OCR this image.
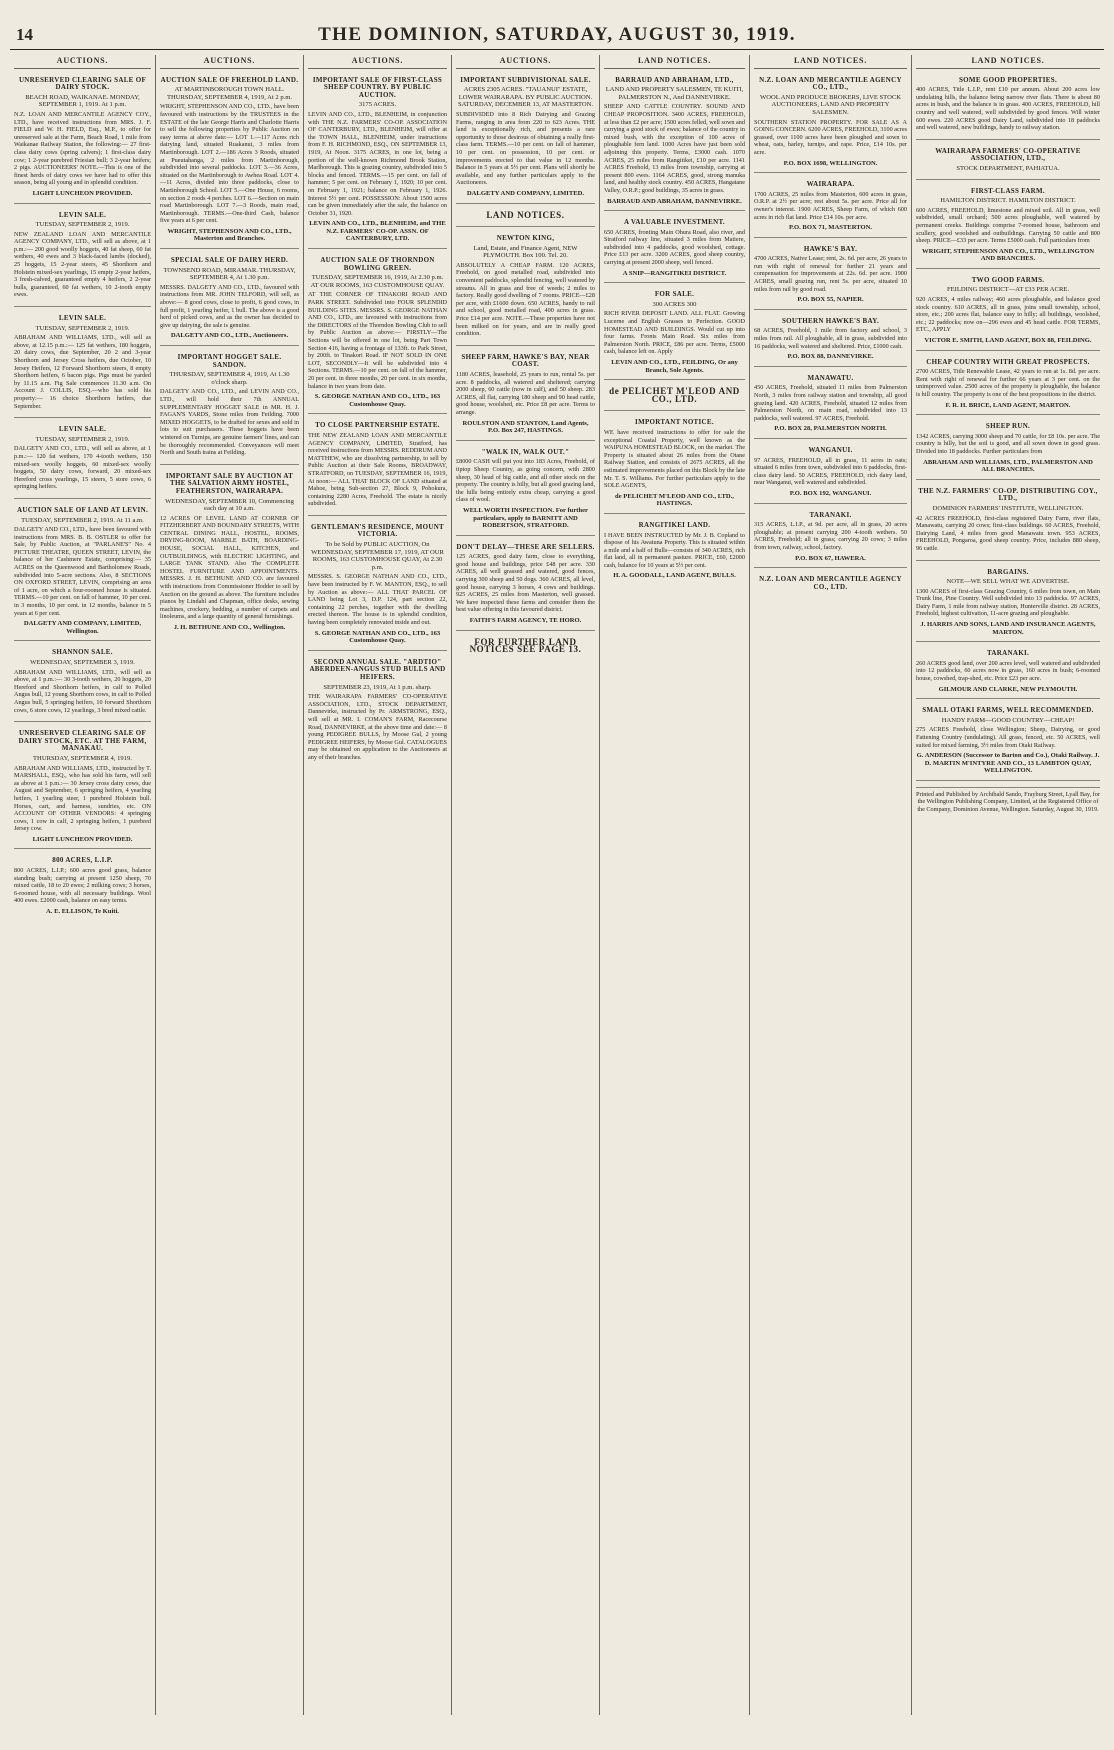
14	THE DOMINION, SATURDAY, AUGUST 30, 1919.
AUCTIONS.
UNRESERVED CLEARING SALE OF DAIRY STOCK.
BEACH ROAD, WAIKANAE. MONDAY, SEPTEMBER 1, 1919. At 1 p.m.
N.Z. LOAN AND MERCANTILE AGENCY COY., LTD., have received instructions from MRS. J. F. FIELD and W. H. FIELD, Esq., M.P., to offer for unreserved sale at the Farm, Beach Road, 1 mile from Waikanae Railway Station, the following:— 27 first-class dairy cows (spring calvers); 1 first-class dairy cow; 1 2-year purebred Friesian bull; 3 2-year heifers; 2 pigs. AUCTIONEERS' NOTE.—This is one of the finest herds of dairy cows we have had to offer this season, being all young and in splendid condition.
LIGHT LUNCHEON PROVIDED.
LEVIN SALE.
TUESDAY, SEPTEMBER 2, 1919.
NEW ZEALAND LOAN AND MERCANTILE AGENCY COMPANY, LTD., will sell as above, at 1 p.m.:— 200 good woolly hoggets, 40 fat sheep, 60 fat wethers, 40 ewes and 3 black-faced lambs (docked), 25 hoggets, 15 2-year steers, 45 Shorthorn and Holstein mixed-sex yearlings, 15 empty 2-year heifers, 3 fresh-calved, guaranteed empty 4 heifers, 2 2-year bulls, guaranteed, 60 fat wethers, 10 2-tooth empty ewes.
LEVIN SALE.
TUESDAY, SEPTEMBER 2, 1919.
ABRAHAM AND WILLIAMS, LTD., will sell as above, at 12.15 p.m.:— 125 fat wethers, 180 hoggets, 20 dairy cows, due September, 20 2 and 3-year Shorthorn and Jersey Cross heifers, due October, 10 Jersey Heifers, 12 Forward Shorthorn steers, 8 empty Shorthorn heifers, 6 bacon pigs. Pigs must be yarded by 11.15 a.m. Fig Sale commences 11.30 a.m. On Account J. COLLIS, ESQ.—who has sold his property:— 16 choice Shorthorn heifers, due September.
LEVIN SALE.
TUESDAY, SEPTEMBER 2, 1919.
DALGETY AND CO., LTD., will sell as above, at 1 p.m.:— 120 fat wethers, 170 4-tooth wethers, 150 mixed-sex woolly hoggets, 60 mixed-sex woolly hoggets, 50 dairy cows, forward, 20 mixed-sex Hereford cross yearlings, 15 steers, 5 store cows, 6 springing heifers.
AUCTION SALE OF LAND AT LEVIN.
TUESDAY, SEPTEMBER 2, 1919. At 11 a.m.
DALGETY AND CO., LTD., have been favoured with instructions from MRS. B. B. OSTLER to offer for Sale, by Public Auction, at "PARLANE'S" No. 4 PICTURE THEATRE, QUEEN STREET, LEVIN, the balance of her Cashmere Estate, comprising:— 35 ACRES on the Queenwood and Bartholomew Roads, subdivided into 5-acre sections. Also, 8 SECTIONS ON OXFORD STREET, LEVIN, comprising an area of 1 acre, on which a four-roomed house is situated. TERMS.—10 per cent. on fall of hammer, 10 per cent. in 3 months, 10 per cent. in 12 months, balance in 5 years at 6 per cent.
DALGETY AND COMPANY, LIMITED, Wellington.
SHANNON SALE.
WEDNESDAY, SEPTEMBER 3, 1919.
ABRAHAM AND WILLIAMS, LTD., will sell as above, at 1 p.m.:— 30 3-tooth wethers, 20 hoggets, 20 Hereford and Shorthorn heifers, in calf to Polled Angus bull, 12 young Shorthorn cows, in calf to Polled Angus bull, 5 springing heifers, 10 forward Shorthorn cows, 6 store cows, 12 yearlings, 3 bred mixed cattle.
UNRESERVED CLEARING SALE OF DAIRY STOCK, ETC. AT THE FARM, MANAKAU.
THURSDAY, SEPTEMBER 4, 1919.
ABRAHAM AND WILLIAMS, LTD., instructed by T. MARSHALL, ESQ., who has sold his farm, will sell as above at 1 p.m.:— 30 Jersey cross dairy cows, due August and September, 6 springing heifers, 4 yearling heifers, 1 yearling steer, 1 purebred Holstein bull. Horses, cart, and harness, sundries, etc. ON ACCOUNT OF OTHER VENDORS: 4 springing cows, 1 cow in calf, 2 springing heifers, 1 purebred Jersey cow.
LIGHT LUNCHEON PROVIDED.
800 ACRES, L.I.P.
800 ACRES, L.I.P.; 600 acres good grass, balance standing bush; carrying at present 1250 sheep, 70 mixed cattle, 18 to 20 ewes; 2 milking cows; 3 horses, 6-roomed house, with all necessary buildings. Wool 400 ewes. £2000 cash, balance on easy terms.
A. E. ELLISON, Te Kuiti.
AUCTIONS.
AUCTION SALE OF FREEHOLD LAND.
AT MARTINBOROUGH TOWN HALL. THURSDAY, SEPTEMBER 4, 1919, At 2 p.m.
WRIGHT, STEPHENSON AND CO., LTD., have been favoured with instructions by the TRUSTEES in the ESTATE of the late George Harris and Charlotte Harris to sell the following properties by Public Auction on easy terms at above date:— LOT 1.—117 Acres rich dairying land, situated Ruakanui, 3 miles from Martinborough. LOT 2.—186 Acres 3 Roods, situated at Pueutahanga, 2 miles from Martinborough, subdivided into several paddocks. LOT 3.—36 Acres, situated on the Martinborough to Awhea Road. LOT 4.—11 Acres, divided into three paddocks, close to Martinborough School. LOT 5.—One House, 6 rooms, on section 2 roods 4 perches. LOT 6.—Section on main road Martinborough. LOT 7.—3 Roods, main road, Martinborough. TERMS.—One-third Cash, balance five years at 6 per cent.
WRIGHT, STEPHENSON AND CO., LTD., Masterton and Branches.
SPECIAL SALE OF DAIRY HERD.
TOWNSEND ROAD, MIRAMAR. THURSDAY, SEPTEMBER 4, At 1.30 p.m.
MESSRS. DALGETY AND CO., LTD., favoured with instructions from MR. JOHN TELFORD, will sell, as above:— 8 good cows, close to profit, 6 good cows, in full profit, 1 yearling heifer, 1 bull. The above is a good herd of picked cows, and as the owner has decided to give up dairying, the sale is genuine.
DALGETY AND CO., LTD., Auctioneers.
IMPORTANT HOGGET SALE. SANDON.
THURSDAY, SEPTEMBER 4, 1919, At 1.30 o'clock sharp.
DALGETY AND CO., LTD., and LEVIN AND CO., LTD., will hold their 7th ANNUAL SUPPLEMENTARY HOGGET SALE in MR. H. J. FAGAN'S YARDS, Stone miles from Feilding. 7000 MIXED HOGGETS, to be drafted for sexes and sold in lots to suit purchasers. These hoggets have been wintered on Turnips, are genuine farmers' lines, and can be thoroughly recommended. Conveyances will meet North and South trains at Feilding.
IMPORTANT SALE BY AUCTION AT THE SALVATION ARMY HOSTEL, FEATHERSTON, WAIRARAPA.
WEDNESDAY, SEPTEMBER 10, Commencing each day at 10 a.m.
12 ACRES OF LEVEL LAND AT CORNER OF FITZHERBERT AND BOUNDARY STREETS, WITH CENTRAL DINING HALL, HOSTEL, ROOMS, DRYING-ROOM, MARBLE BATH, BOARDING-HOUSE, SOCIAL HALL, KITCHEN, and OUTBUILDINGS, with ELECTRIC LIGHTING, and LARGE TANK STAND. Also The COMPLETE HOSTEL FURNITURE AND APPOINTMENTS. MESSRS. J. H. BETHUNE AND CO. are favoured with instructions from Commissioner Hodder to sell by Auction on the ground as above. The furniture includes pianos by Lindahl and Chapman, office desks, sewing machines, crockery, bedding, a number of carpets and linoleums, and a large quantity of general furnishings.
J. H. BETHUNE AND CO., Wellington.
AUCTIONS.
IMPORTANT SALE OF FIRST-CLASS SHEEP COUNTRY. BY PUBLIC AUCTION.
3175 ACRES.
LEVIN AND CO., LTD., BLENHEIM, in conjunction with THE N.Z. FARMERS' CO-OP. ASSOCIATION OF CANTERBURY, LTD., BLENHEIM, will offer at the TOWN HALL, BLENHEIM, under instructions from F. H. RICHMOND, ESQ., ON SEPTEMBER 13, 1919, At Noon. 3175 ACRES, in one lot, being a portion of the well-known Richmond Brook Station, Marlborough. This is grazing country, subdivided into 5 blocks and fenced. TERMS.—15 per cent. on fall of hammer; 5 per cent. on February 1, 1920; 10 per cent. on February 1, 1921; balance on February 1, 1926. Interest 5½ per cent. POSSESSION: About 1500 acres can be given immediately after the sale, the balance on October 31, 1920.
LEVIN AND CO., LTD., BLENHEIM, and THE N.Z. FARMERS' CO-OP. ASSN. OF CANTERBURY, LTD.
AUCTION SALE OF THORNDON BOWLING GREEN.
TUESDAY, SEPTEMBER 16, 1919, At 2.30 p.m. AT OUR ROOMS, 163 CUSTOMHOUSE QUAY.
AT THE CORNER OF TINAKORI ROAD AND PARK STREET. Subdivided into FOUR SPLENDID BUILDING SITES. MESSRS. S. GEORGE NATHAN AND CO., LTD., are favoured with instructions from the DIRECTORS of the Thorndon Bowling Club to sell by Public Auction as above:— FIRSTLY—The Sections will be offered in one lot, being Part Town Section 416, having a frontage of 133ft. to Park Street, by 200ft. to Tinakori Road. IF NOT SOLD IN ONE LOT, SECONDLY—It will be subdivided into 4 Sections. TERMS.—10 per cent. on fall of the hammer, 20 per cent. in three months, 20 per cent. in six months, balance in two years from date.
S. GEORGE NATHAN AND CO., LTD., 163 Customhouse Quay.
TO CLOSE PARTNERSHIP ESTATE.
THE NEW ZEALAND LOAN AND MERCANTILE AGENCY COMPANY, LIMITED, Stratford, has received instructions from MESSRS. REDDRUM AND MATTHEW, who are dissolving partnership, to sell by Public Auction at their Sale Rooms, BROADWAY, STRATFORD, on TUESDAY, SEPTEMBER 16, 1919, At noon:— ALL THAT BLOCK OF LAND situated at Mahoe, being Sub-section 27, Block 9, Pohokura, containing 2280 Acres, Freehold. The estate is nicely subdivided.
GENTLEMAN'S RESIDENCE, MOUNT VICTORIA.
To be Sold by PUBLIC AUCTION, On WEDNESDAY, SEPTEMBER 17, 1919, AT OUR ROOMS, 163 CUSTOMHOUSE QUAY, At 2.30 p.m.
MESSRS. S. GEORGE NATHAN AND CO., LTD., have been instructed by F. W. MANTON, ESQ., to sell by Auction as above:— ALL THAT PARCEL OF LAND being Lot 3, D.P. 124, part section 22, containing 22 perches, together with the dwelling erected thereon. The house is in splendid condition, having been completely renovated inside and out.
S. GEORGE NATHAN AND CO., LTD., 163 Customhouse Quay.
SECOND ANNUAL SALE. "ARDTIO" ABERDEEN-ANGUS STUD BULLS AND HEIFERS.
SEPTEMBER 23, 1919, At 1 p.m. sharp.
THE WAIRARAPA FARMERS' CO-OPERATIVE ASSOCIATION, LTD., STOCK DEPARTMENT, Dannevirke, instructed by Pr. ARMSTRONG, ESQ., will sell at MR. I. COMAN'S FARM, Racecourse Road, DANNEVIRKE, at the above time and date:— 8 young PEDIGREE BULLS, by Moose Gul, 2 young PEDIGREE HEIFERS, by Moose Gul. CATALOGUES may be obtained on application to the Auctioneers at any of their branches.
AUCTIONS.
IMPORTANT SUBDIVISIONAL SALE.
ACRES 2305 ACRES. "TAUANUI" ESTATE, LOWER WAIRARAPA. BY PUBLIC AUCTION. SATURDAY, DECEMBER 13, AT MASTERTON.
SUBDIVIDED into 8 Rich Dairying and Grazing Farms, ranging in area from 220 to 623 Acres. THE land is exceptionally rich, and presents a rare opportunity to those desirous of obtaining a really first-class farm. TERMS.—10 per cent. on fall of hammer, 10 per cent. on possession, 10 per cent. or improvements erected to that value in 12 months. Balance in 5 years at 5½ per cent. Plans will shortly be available, and any further particulars apply to the Auctioneers.
DALGETY AND COMPANY, LIMITED.
LAND NOTICES.
NEWTON KING,
Land, Estate, and Finance Agent, NEW PLYMOUTH. Box 100. Tel. 20.
ABSOLUTELY A CHEAP FARM. 120 ACRES, Freehold, on good metalled road, subdivided into convenient paddocks, splendid fencing, well watered by streams. All in grass and free of weeds; 2 miles to factory. Really good dwelling of 7 rooms. PRICE—£28 per acre, with £1600 down. 650 ACRES, handy to rail and school, good metalled road, 400 acres in grass. Price £14 per acre. NOTE.—These properties have not been milked on for years, and are in really good condition.
SHEEP FARM, HAWKE'S BAY, NEAR COAST.
1180 ACRES, leasehold, 25 years to run, rental 5s. per acre. 8 paddocks, all watered and sheltered; carrying 2000 sheep, 60 cattle (now in calf), and 50 sheep. 283 ACRES, all flat, carrying 180 sheep and 90 head cattle, good house, woolshed, etc. Price £8 per acre. Terms to arrange.
ROULSTON AND STANTON, Land Agents, P.O. Box 247, HASTINGS.
"WALK IN, WALK OUT."
£8000 CASH will put you into 183 Acres, Freehold, of tiptop Sheep Country, as going concern, with 2800 sheep, 30 head of big cattle, and all other stock on the property. The country is hilly, but all good grazing land, the hills being entirely extra cheap, carrying a good class of wool.
WELL WORTH INSPECTION. For further particulars, apply to BARNITT AND ROBERTSON, STRATFORD.
DON'T DELAY—THESE ARE SELLERS.
125 ACRES, good dairy farm, close to everything, good house and buildings, price £48 per acre. 330 ACRES, all well grassed and watered, good fences, carrying 300 sheep and 50 dogs. 360 ACRES, all level, good house, carrying 3 horses, 4 cows and buildings. 925 ACRES, 25 miles from Masterton, well grassed. We have inspected these farms and consider them the best value offering in this favoured district.
FAITH'S FARM AGENCY, TE HORO.
FOR FURTHER LAND NOTICES SEE PAGE 13.
LAND NOTICES.
BARRAUD AND ABRAHAM, LTD.,
LAND AND PROPERTY SALESMEN, TE KUITI, PALMERSTON N., And DANNEVIRKE.
SHEEP AND CATTLE COUNTRY. SOUND AND CHEAP PROPOSITION. 3400 ACRES, FREEHOLD, at less than £2 per acre; 1500 acres felled, well sown and carrying a good stock of ewes; balance of the country in mixed bush, with the exception of 100 acres of ploughable fern land. 1000 Acres have just been sold adjoining this property. Terms, £3000 cash. 1070 ACRES, 25 miles from Rangitikei, £10 per acre. 1141 ACRES Freehold, 13 miles from township, carrying at present 800 ewes. 1164 ACRES, good, strong manuka land, and healthy stock country. 450 ACRES, Hangatane Valley, O.R.P.; good buildings, 35 acres in grass.
BARRAUD AND ABRAHAM, DANNEVIRKE.
A VALUABLE INVESTMENT.
650 ACRES, fronting Main Ohura Road, also river, and Stratford railway line, situated 3 miles from Matiere, subdivided into 4 paddocks, good woolshed, cottage. Price £13 per acre. 3200 ACRES, good sheep country, carrying at present 2000 sheep, well fenced.
A SNIP—RANGITIKEI DISTRICT.
FOR SALE.
300 ACRES 300
RICH RIVER DEPOSIT LAND. ALL FLAT. Growing Lucerne and English Grasses to Perfection. GOOD HOMESTEAD AND BUILDINGS. Would cut up into four farms. Fronts Main Road. Six miles from Palmerston North. PRICE, £86 per acre. Terms, £5000 cash, balance left on. Apply
LEVIN AND CO., LTD., FEILDING, Or any Branch, Sole Agents.
de PELICHET M'LEOD AND CO., LTD.
IMPORTANT NOTICE.
WE have received instructions to offer for sale the exceptional Coastal Property, well known as the WAIPUNA HOMESTEAD BLOCK, on the market. The Property is situated about 26 miles from the Otane Railway Station, and consists of 2675 ACRES, all the estimated improvements placed on this Block by the late Mr. T. S. Williams. For further particulars apply to the SOLE AGENTS,
de PELICHET M'LEOD AND CO., LTD., HASTINGS.
RANGITIKEI LAND.
I HAVE BEEN INSTRUCTED by Mr. J. B. Copland to dispose of his Awatuna Property. This is situated within a mile and a half of Bulls—consists of 340 ACRES, rich flat land, all in permanent pasture. PRICE, £60, £2000 cash, balance for 10 years at 5½ per cent.
H. A. GOODALL, LAND AGENT, BULLS.
LAND NOTICES.
N.Z. LOAN AND MERCANTILE AGENCY CO., LTD.,
WOOL AND PRODUCE BROKERS, LIVE STOCK AUCTIONEERS, LAND AND PROPERTY SALESMEN.
SOUTHERN STATION PROPERTY. FOR SALE AS A GOING CONCERN. 6200 ACRES, FREEHOLD, 3100 acres grassed, over 1100 acres have been ploughed and sown to wheat, oats, barley, turnips, and rape. Price, £14 10s. per acre.
P.O. BOX 1698, WELLINGTON.
WAIRARAPA.
1700 ACRES, 25 miles from Masterton, 600 acres in grass, O.R.P. at 2½ per acre; rest about 5s. per acre. Price all for owner's interest. 1900 ACRES, Sheep Farm, of which 600 acres in rich flat land. Price £14 10s. per acre.
P.O. BOX 71, MASTERTON.
HAWKE'S BAY.
4700 ACRES, Native Lease; rent, 2s. 6d. per acre, 26 years to run with right of renewal for further 21 years and compensation for improvements at 22s. 6d. per acre. 1900 ACRES, small grazing run, rent 5s. per acre, situated 10 miles from rail by good road.
P.O. BOX 55, NAPIER.
SOUTHERN HAWKE'S BAY.
68 ACRES, Freehold, 1 mile from factory and school, 3 miles from rail. All ploughable, all in grass, subdivided into 16 paddocks, well watered and sheltered. Price, £1000 cash.
P.O. BOX 88, DANNEVIRKE.
MANAWATU.
450 ACRES, Freehold, situated 11 miles from Palmerston North, 3 miles from railway station and township, all good grazing land. 420 ACRES, Freehold, situated 12 miles from Palmerston North, on main road, subdivided into 13 paddocks, well watered. 97 ACRES, Freehold.
P.O. BOX 28, PALMERSTON NORTH.
WANGANUI.
97 ACRES, FREEHOLD, all in grass, 11 acres in oats; situated 6 miles from town, subdivided into 6 paddocks, first-class dairy land. 50 ACRES, FREEHOLD, rich dairy land, near Wanganui, well watered and subdivided.
P.O. BOX 192, WANGANUI.
TARANAKI.
315 ACRES, L.I.P., at 9d. per acre, all in grass, 20 acres ploughable; at present carrying 200 4-tooth wethers. 50 ACRES, Freehold; all in grass; carrying 20 cows; 3 miles from town, railway, school, factory.
P.O. BOX 67, HAWERA.
N.Z. LOAN AND MERCANTILE AGENCY CO., LTD.
LAND NOTICES.
SOME GOOD PROPERTIES.
400 ACRES, Title L.I.P., rent £10 per annum. About 200 acres low undulating hills, the balance being narrow river flats. There is about 80 acres in bush, and the balance is in grass. 400 ACRES, FREEHOLD, hill country and well watered, well subdivided by good fences. Will winter 600 ewes. 220 ACRES good Dairy Land, subdivided into 18 paddocks and well watered, new buildings, handy to railway station.
WAIRARAPA FARMERS' CO-OPERATIVE ASSOCIATION, LTD.,
STOCK DEPARTMENT, PAHIATUA.
FIRST-CLASS FARM.
HAMILTON DISTRICT. HAMILTON DISTRICT.
600 ACRES, FREEHOLD, limestone and mixed soil. All in grass, well subdivided, small orchard; 500 acres ploughable, well watered by permanent creeks. Buildings comprise 7-roomed house, bathroom and scullery, good woolshed and outbuildings. Carrying 50 cattle and 800 sheep. PRICE—£33 per acre. Terms £5000 cash. Full particulars from
WRIGHT, STEPHENSON AND CO., LTD., WELLINGTON AND BRANCHES.
TWO GOOD FARMS.
FEILDING DISTRICT—AT £33 PER ACRE.
920 ACRES, 4 miles railway; 460 acres ploughable, and balance good stock country. 610 ACRES, all in grass, joins small township, school, store, etc.; 200 acres flat, balance easy to hilly; all buildings, woolshed, etc.; 22 paddocks; now on—296 ewes and 45 head cattle. FOR TERMS, ETC., APPLY
VICTOR E. SMITH, LAND AGENT, BOX 88, FEILDING.
CHEAP COUNTRY WITH GREAT PROSPECTS.
2700 ACRES, Title Renewable Lease, 42 years to run at 1s. 8d. per acre. Rent with right of renewal for further 66 years at 3 per cent. on the unimproved value. 2500 acres of the property is ploughable, the balance is hill country. The property is one of the best propositions in the district.
F. R. H. BRICE, LAND AGENT, MARTON.
SHEEP RUN.
1342 ACRES, carrying 3000 sheep and 70 cattle, for £8 10s. per acre. The country is hilly, but the soil is good, and all sown down in good grass. Divided into 18 paddocks. Further particulars from
ABRAHAM AND WILLIAMS, LTD., PALMERSTON AND ALL BRANCHES.
THE N.Z. FARMERS' CO-OP. DISTRIBUTING COY., LTD.,
DOMINION FARMERS' INSTITUTE, WELLINGTON.
42 ACRES FREEHOLD, first-class registered Dairy Farm, river flats, Manawatu, carrying 20 cows; first-class buildings. 60 ACRES, Freehold, Dairying Land, 4 miles from good Manawatu town. 953 ACRES, FREEHOLD, Pongaroa, good sheep country. Price, includes 880 sheep, 96 cattle.
BARGAINS.
NOTE—WE SELL WHAT WE ADVERTISE.
1300 ACRES of first-class Grazing Country, 6 miles from town, on Main Trunk line, Pine Country. Well subdivided into 13 paddocks. 97 ACRES, Dairy Farm, 1 mile from railway station, Hunterville district. 28 ACRES, Freehold, highest cultivation, 11-acre grazing and ploughable.
J. HARRIS AND SONS, LAND AND INSURANCE AGENTS, MARTON.
TARANAKI.
260 ACRES good land, over 200 acres level, well watered and subdivided into 12 paddocks, 60 acres now in grass, 160 acres in bush; 6-roomed house, cowshed, trap-shed, etc. Price £23 per acre.
GILMOUR AND CLARKE, NEW PLYMOUTH.
SMALL OTAKI FARMS, WELL RECOMMENDED.
HANDY FARM—GOOD COUNTRY—CHEAP!
275 ACRES Freehold, close Wellington; Sheep, Dairying, or good Fattening Country (undulating). All grass, fenced, etc. 50 ACRES, well suited for mixed farming, 3½ miles from Otaki Railway.
G. ANDERSON (Successor to Barton and Co.), Otaki Railway. J. D. MARTIN M'INTYRE AND CO., 13 LAMBTON QUAY, WELLINGTON.
Printed and Published by Archibald Sando, Frayburg Street, Lyall Bay, for the Wellington Publishing Company, Limited, at the Registered Office of the Company, Dominion Avenue, Wellington. Saturday, August 30, 1919.
